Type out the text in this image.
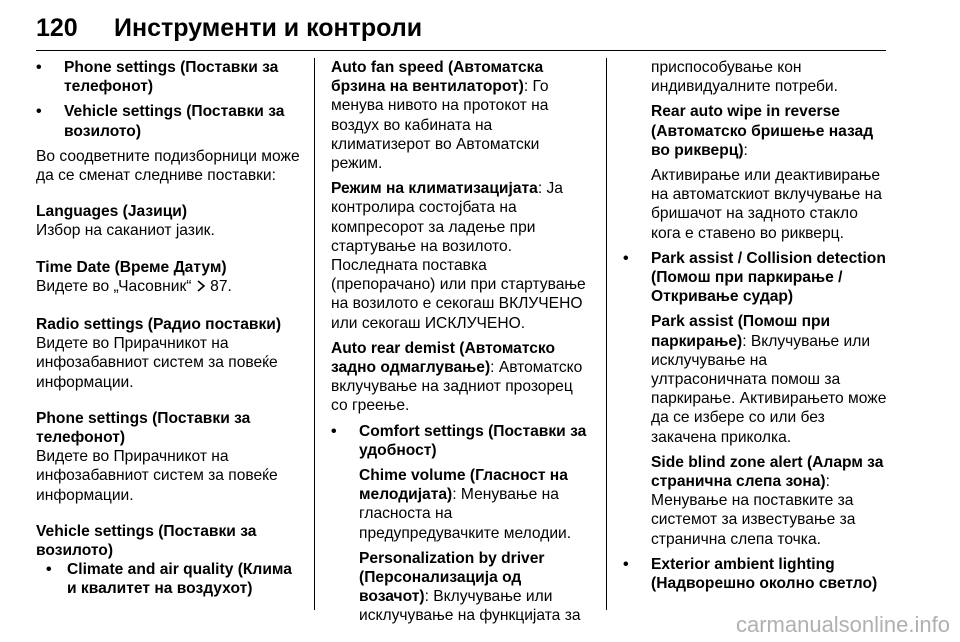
120 Инструменти и контроли
• Phone settings (Поставки за телефонот)
• Vehicle settings (Поставки за возилото)

Во соодветните подизборници може да се сменат следниве поставки:

Languages (Јазици)

Избор на саканиот јазик.

Time Date (Време Датум)

Видете во „Часовник“ 87.

Radio settings (Радио поставки)

Видете во Прирачникот на инфозабавниот систем за повеќе информации.

Phone settings (Поставки за телефонот)

Видете во Прирачникот на инфозабавниот систем за повеќе информации.

Vehicle settings (Поставки за возилото)

• Climate and air quality (Клима и квалитет на воздухот)

Auto fan speed (Автоматска брзина на вентилаторот): Го менува нивото на протокот на воздух во кабината на климатизерот во Автоматски режим.

Режим на климатизацијата: Ја контролира состојбата на компресорот за ладење при стартување на возилото. Последната поставка (препорачано) или при стартување на возилото е секогаш ВКЛУЧЕНО или секогаш ИСКЛУЧЕНО.

Auto rear demist (Автоматско задно одмаглување): Автоматско вклучување на задниот прозорец со греење.

• Comfort settings (Поставки за удобност)

Chime volume (Гласност на мелодијата): Менување на гласноста на предупредувачките мелодии.

Personalization by driver (Персонализација од возачот): Вклучување или исклучување на функцијата за

приспособување кон индивидуалните потреби.

Rear auto wipe in reverse (Автоматско бришење назад во рикверц):

Активирање или деактивирање на автоматскиот вклучување на бришачот на задното стакло кога е ставено во рикверц.

• Park assist / Collision detection (Помош при паркирање / Откривање судар)

Park assist (Помош при паркирање): Вклучување или исклучување на ултрасоничната помош за паркирање. Активирањето може да се избере со или без закачена приколка.

Side blind zone alert (Аларм за странична слепа зона): Менување на поставките за системот за известување за странична слепа точка.

• Exterior ambient lighting (Надворешно околно светло)
carmanualsonline.info
